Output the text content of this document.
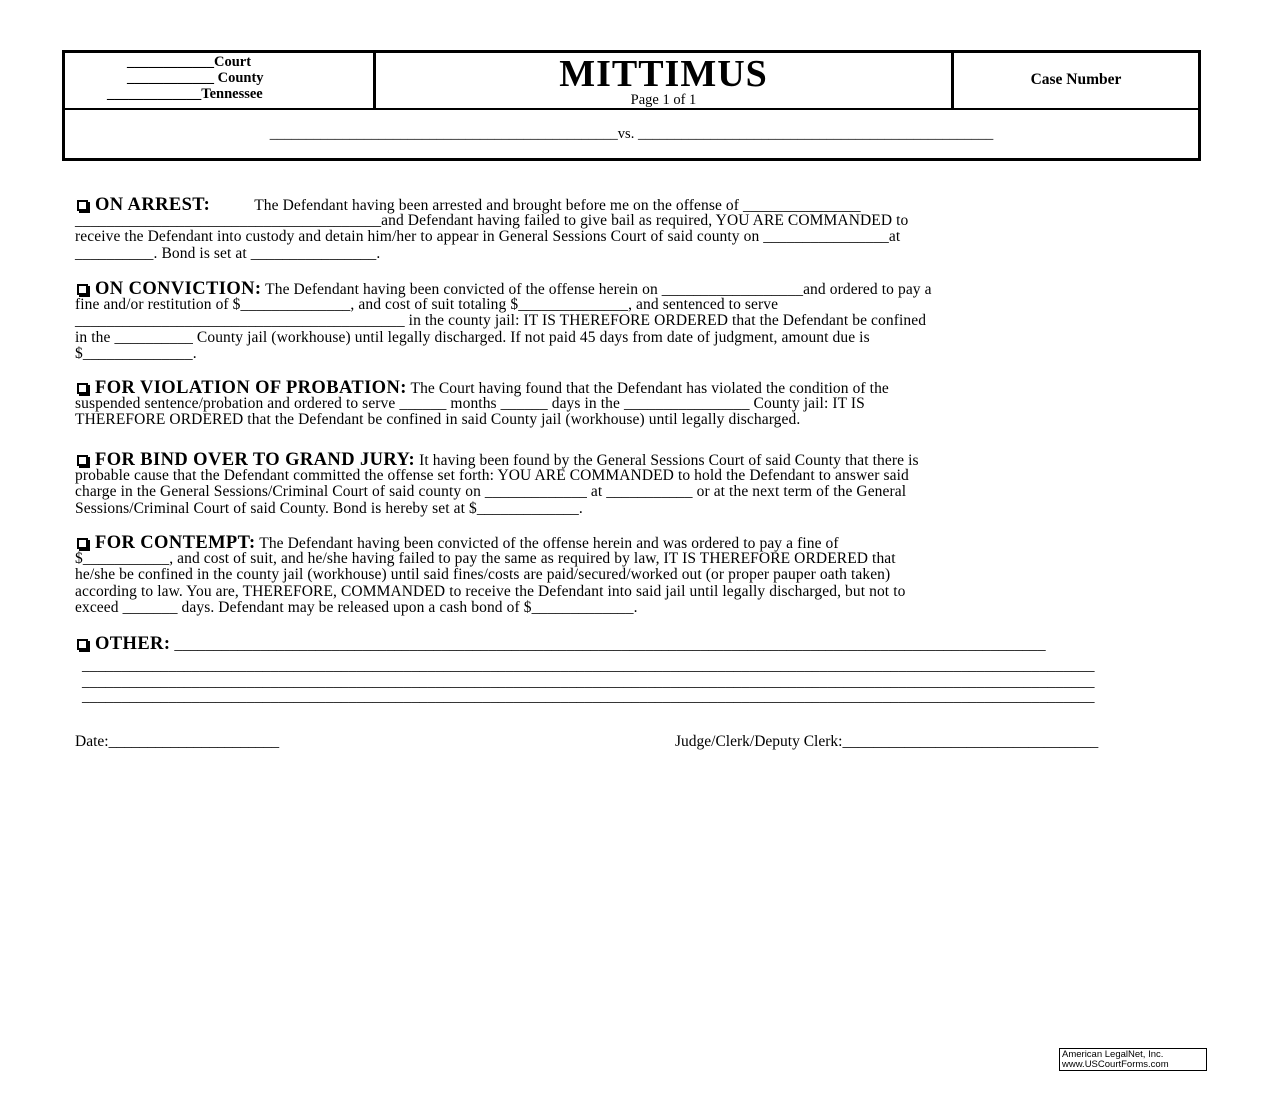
____________Court
____________ County
_____________Tennessee	MITTIMUS
Page 1 of 1
Case Number
________________________________________________vs. _________________________________________________
ON ARREST:	The Defendant having been arrested and brought before me on the offense of _______________
_______________________________________and Defendant having failed to give bail as required, YOU ARE COMMANDED to
receive the Defendant into custody and detain him/her to appear in General Sessions Court of said county on ________________at
__________. Bond is set at ________________.
ON CONVICTION: The Defendant having been convicted of the offense herein on __________________and ordered to pay a
fine and/or restitution of $______________, and cost of suit totaling $______________, and sentenced to serve
__________________________________________ in the county jail: IT IS THEREFORE ORDERED that the Defendant be confined
in the __________ County jail (workhouse) until legally discharged. If not paid 45 days from date of judgment, amount due is
$______________.
FOR VIOLATION OF PROBATION: The Court having found that the Defendant has violated the condition of the
suspended sentence/probation and ordered to serve ______ months ______ days in the ________________ County jail: IT IS
THEREFORE ORDERED that the Defendant be confined in said County jail (workhouse) until legally discharged.
FOR BIND OVER TO GRAND JURY: It having been found by the General Sessions Court of said County that there is
probable cause that the Defendant committed the offense set forth: YOU ARE COMMANDED to hold the Defendant to answer said
charge in the General Sessions/Criminal Court of said county on _____________ at ___________ or at the next term of the General
Sessions/Criminal Court of said County. Bond is hereby set at $_____________.
FOR CONTEMPT: The Defendant having been convicted of the offense herein and was ordered to pay a fine of
$___________, and cost of suit, and he/she having failed to pay the same as required by law, IT IS THEREFORE ORDERED that
he/she be confined in the county jail (workhouse) until said fines/costs are paid/secured/worked out (or proper pauper oath taken)
according to law. You are, THEREFORE, COMMANDED to receive the Defendant into said jail until legally discharged, but not to
exceed _______ days. Defendant may be released upon a cash bond of $_____________.
OTHER: _______________________________________________________________________________________________________________
_________________________________________________________________________________________________________________________________
_________________________________________________________________________________________________________________________________
_________________________________________________________________________________________________________________________________
Date:______________________	Judge/Clerk/Deputy Clerk:_________________________________
American LegalNet, Inc.
www.USCourtForms.com
